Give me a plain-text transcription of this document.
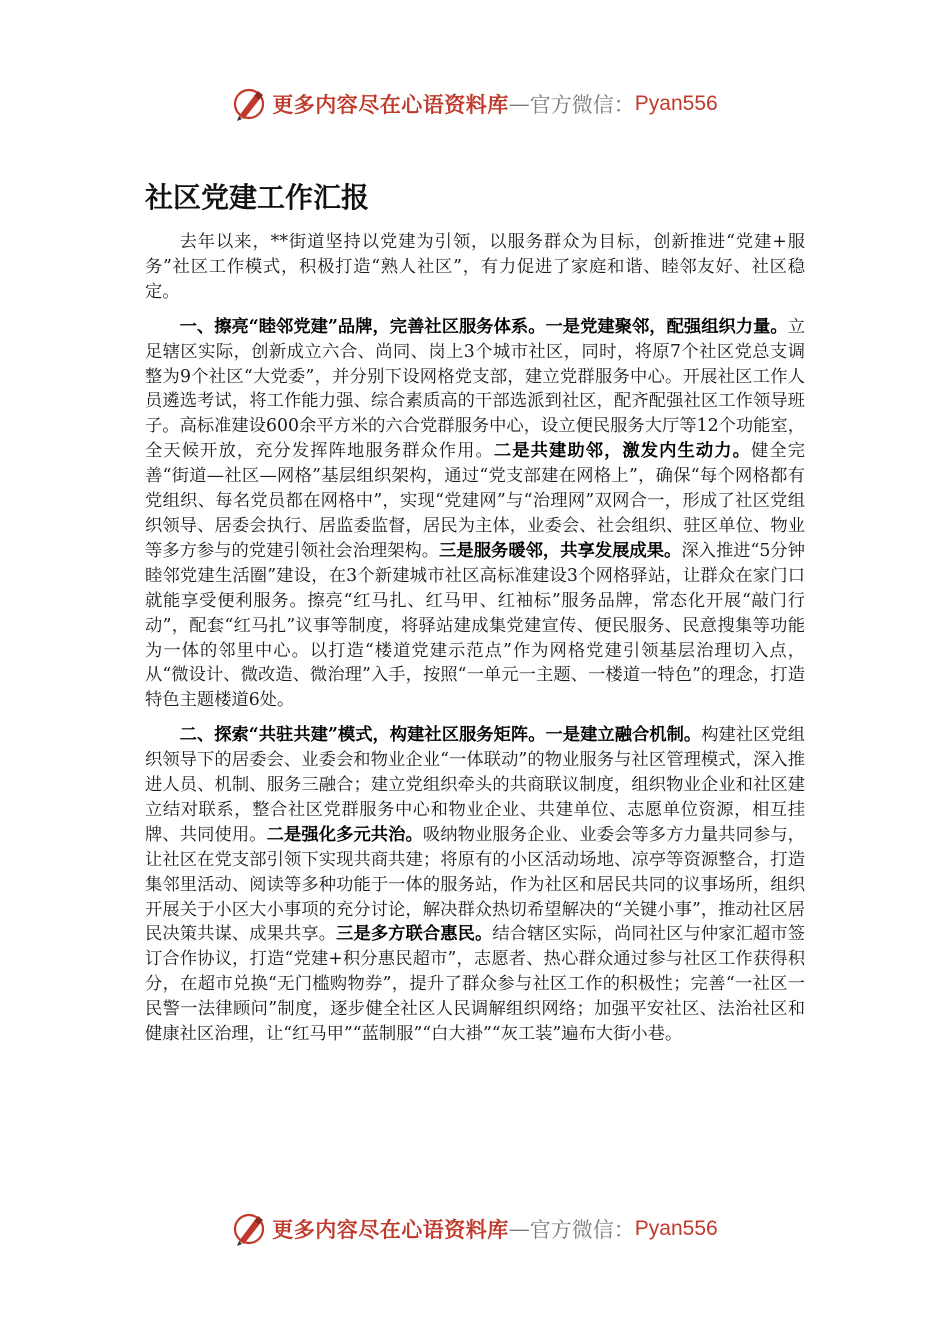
更多内容尽在心语资料库 — 官方微信： Pyan556
社区党建工作汇报

去年以来，**街道坚持以党建为引领，以服务群众为目标，创新推进“党建+服务”社区工作模式，积极打造“熟人社区”，有力促进了家庭和谐、睦邻友好、社区稳定。

一、擦亮“睦邻党建”品牌，完善社区服务体系。一是党建聚邻，配强组织力量。立足辖区实际，创新成立六合、尚同、岗上3个城市社区，同时，将原7个社区党总支调整为9个社区“大党委”，并分别下设网格党支部，建立党群服务中心。开展社区工作人员遴选考试，将工作能力强、综合素质高的干部选派到社区，配齐配强社区工作领导班子。高标准建设600余平方米的六合党群服务中心，设立便民服务大厅等12个功能室，全天候开放，充分发挥阵地服务群众作用。二是共建助邻，激发内生动力。健全完善“街道—社区—网格”基层组织架构，通过“党支部建在网格上”，确保“每个网格都有党组织、每名党员都在网格中”，实现“党建网”与“治理网”双网合一，形成了社区党组织领导、居委会执行、居监委监督，居民为主体，业委会、社会组织、驻区单位、物业等多方参与的党建引领社会治理架构。三是服务暖邻，共享发展成果。深入推进“5分钟睦邻党建生活圈”建设，在3个新建城市社区高标准建设3个网格驿站，让群众在家门口就能享受便利服务。擦亮“红马扎、红马甲、红袖标”服务品牌，常态化开展“敲门行动”，配套“红马扎”议事等制度，将驿站建成集党建宣传、便民服务、民意搜集等功能为一体的邻里中心。以打造“楼道党建示范点”作为网格党建引领基层治理切入点，从“微设计、微改造、微治理”入手，按照“一单元一主题、一楼道一特色”的理念，打造特色主题楼道6处。

二、探索“共驻共建”模式，构建社区服务矩阵。一是建立融合机制。构建社区党组织领导下的居委会、业委会和物业企业“一体联动”的物业服务与社区管理模式，深入推进人员、机制、服务三融合；建立党组织牵头的共商联议制度，组织物业企业和社区建立结对联系，整合社区党群服务中心和物业企业、共建单位、志愿单位资源，相互挂牌、共同使用。二是强化多元共治。吸纳物业服务企业、业委会等多方力量共同参与，让社区在党支部引领下实现共商共建；将原有的小区活动场地、凉亭等资源整合，打造集邻里活动、阅读等多种功能于一体的服务站，作为社区和居民共同的议事场所，组织开展关于小区大小事项的充分讨论，解决群众热切希望解决的“关键小事”，推动社区居民决策共谋、成果共享。三是多方联合惠民。结合辖区实际，尚同社区与仲家汇超市签订合作协议，打造“党建+积分惠民超市”，志愿者、热心群众通过参与社区工作获得积分，在超市兑换“无门槛购物券”，提升了群众参与社区工作的积极性；完善“一社区一民警一法律顾问”制度，逐步健全社区人民调解组织网络；加强平安社区、法治社区和健康社区治理，让“红马甲”“蓝制服”“白大褂”“灰工装”遍布大街小巷。

更多内容尽在心语资料库 — 官方微信： Pyan556
